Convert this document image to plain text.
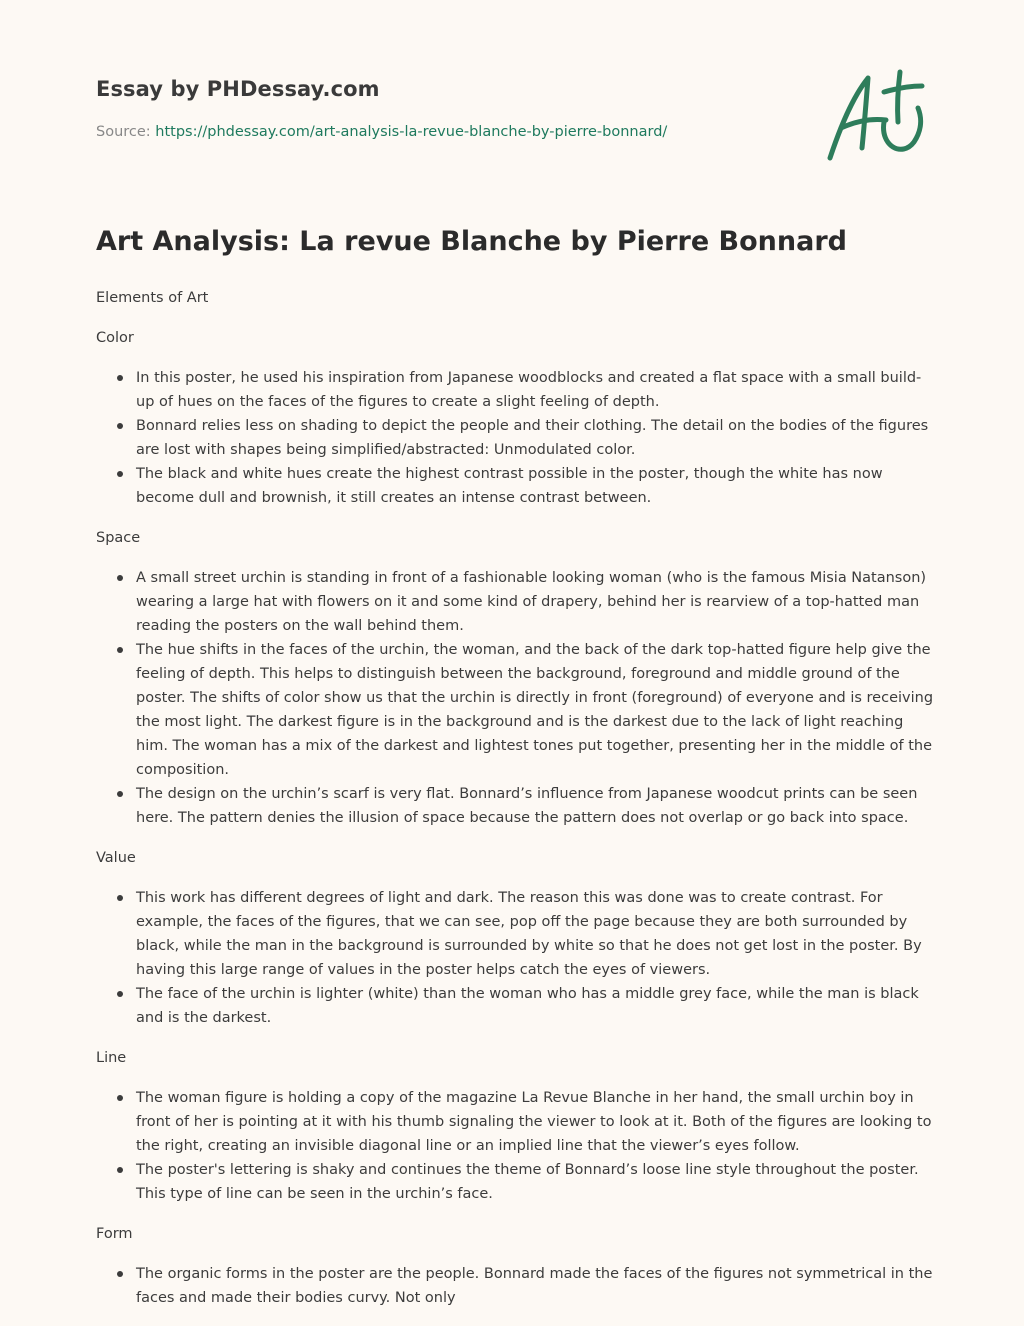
Essay by PHDessay.com
Source: https://phdessay.com/art-analysis-la-revue-blanche-by-pierre-bonnard/
Art Analysis: La revue Blanche by Pierre Bonnard

Elements of Art

Color

In this poster, he used his inspiration from Japanese woodblocks and created a flat space with a small build-up of hues on the faces of the figures to create a slight feeling of depth.
Bonnard relies less on shading to depict the people and their clothing. The detail on the bodies of the figures are lost with shapes being simplified/abstracted: Unmodulated color.
The black and white hues create the highest contrast possible in the poster, though the white has now become dull and brownish, it still creates an intense contrast between.

Space

A small street urchin is standing in front of a fashionable looking woman (who is the famous Misia Natanson) wearing a large hat with flowers on it and some kind of drapery, behind her is rearview of a top-hatted man reading the posters on the wall behind them.
The hue shifts in the faces of the urchin, the woman, and the back of the dark top-hatted figure help give the feeling of depth. This helps to distinguish between the background, foreground and middle ground of the poster. The shifts of color show us that the urchin is directly in front (foreground) of everyone and is receiving the most light. The darkest figure is in the background and is the darkest due to the lack of light reaching him. The woman has a mix of the darkest and lightest tones put together, presenting her in the middle of the composition.
The design on the urchin’s scarf is very flat. Bonnard’s influence from Japanese woodcut prints can be seen here. The pattern denies the illusion of space because the pattern does not overlap or go back into space.

Value

This work has different degrees of light and dark. The reason this was done was to create contrast. For example, the faces of the figures, that we can see, pop off the page because they are both surrounded by black, while the man in the background is surrounded by white so that he does not get lost in the poster. By having this large range of values in the poster helps catch the eyes of viewers.
The face of the urchin is lighter (white) than the woman who has a middle grey face, while the man is black and is the darkest.

Line

The woman figure is holding a copy of the magazine La Revue Blanche in her hand, the small urchin boy in front of her is pointing at it with his thumb signaling the viewer to look at it. Both of the figures are looking to the right, creating an invisible diagonal line or an implied line that the viewer’s eyes follow.
The poster's lettering is shaky and continues the theme of Bonnard’s loose line style throughout the poster. This type of line can be seen in the urchin’s face.

Form

The organic forms in the poster are the people. Bonnard made the faces of the figures not symmetrical in the faces and made their bodies curvy. Not only
